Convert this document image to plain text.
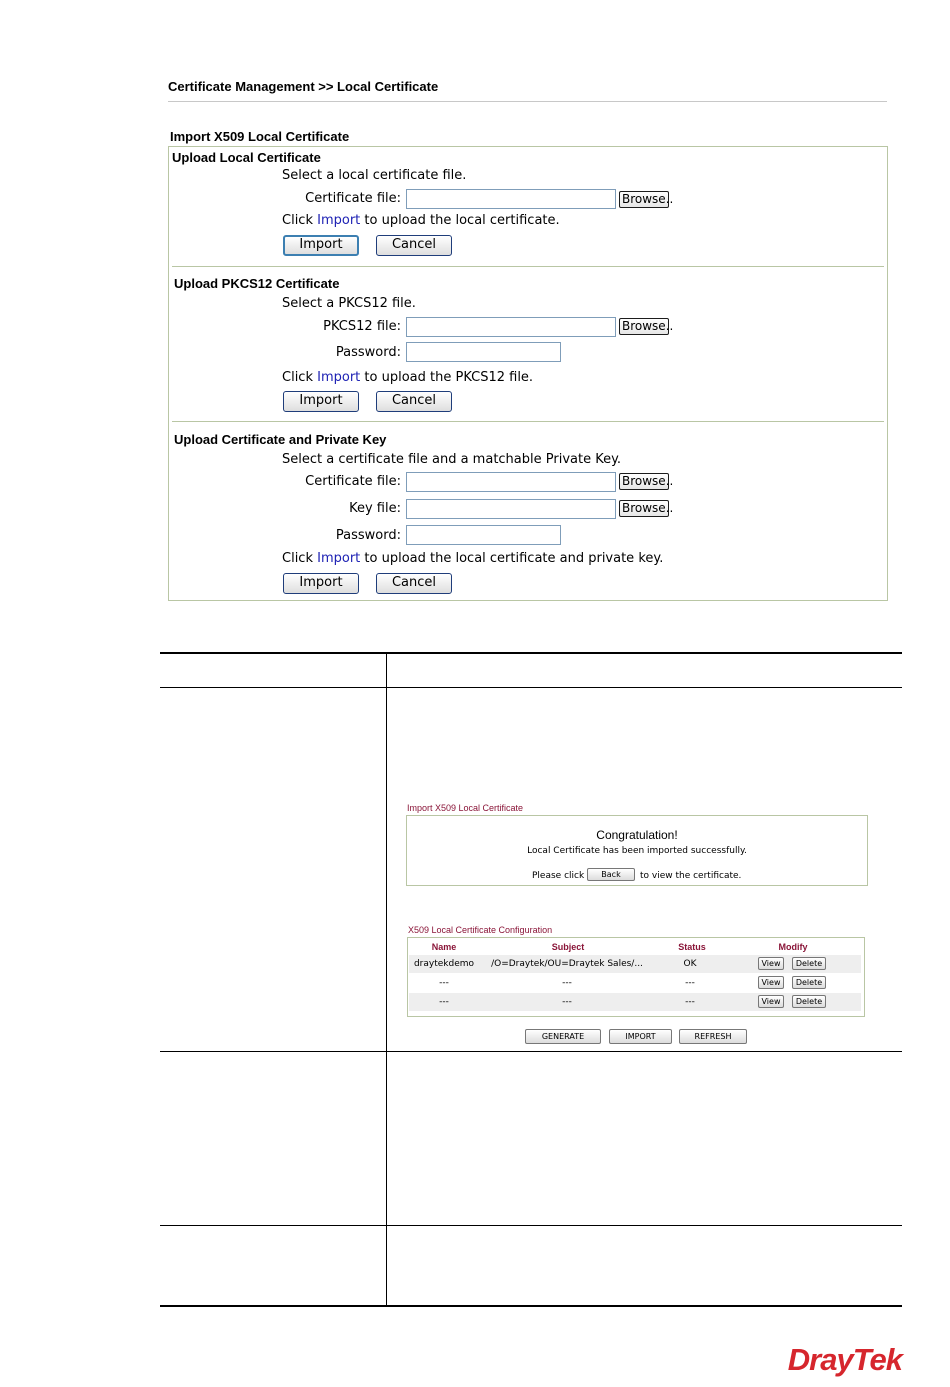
Certificate Management >> Local Certificate
Import X509 Local Certificate
Upload Local Certificate
Select a local certificate file.
Certificate file:	Browse..
Click Import to upload the local certificate.
Import	Cancel
Upload PKCS12 Certificate
Select a PKCS12 file.
PKCS12 file:	Browse..
Password:
Click Import to upload the PKCS12 file.
Import	Cancel
Upload Certificate and Private Key
Select a certificate file and a matchable Private Key.
Certificate file:	Browse..
Key file:	Browse..
Password:
Click Import to upload the local certificate and private key.
Import	Cancel
Import X509 Local Certificate
Congratulation!
Local Certificate has been imported successfully.
Please click	Back	to view the certificate.
X509 Local Certificate Configuration
Name	Subject	Status	Modify
draytekdemo	/O=Draytek/OU=Draytek Sales/...	OK	View	Delete
---	---	---	View	Delete
---	---	---	View	Delete
GENERATE	IMPORT	REFRESH
DrayTek
